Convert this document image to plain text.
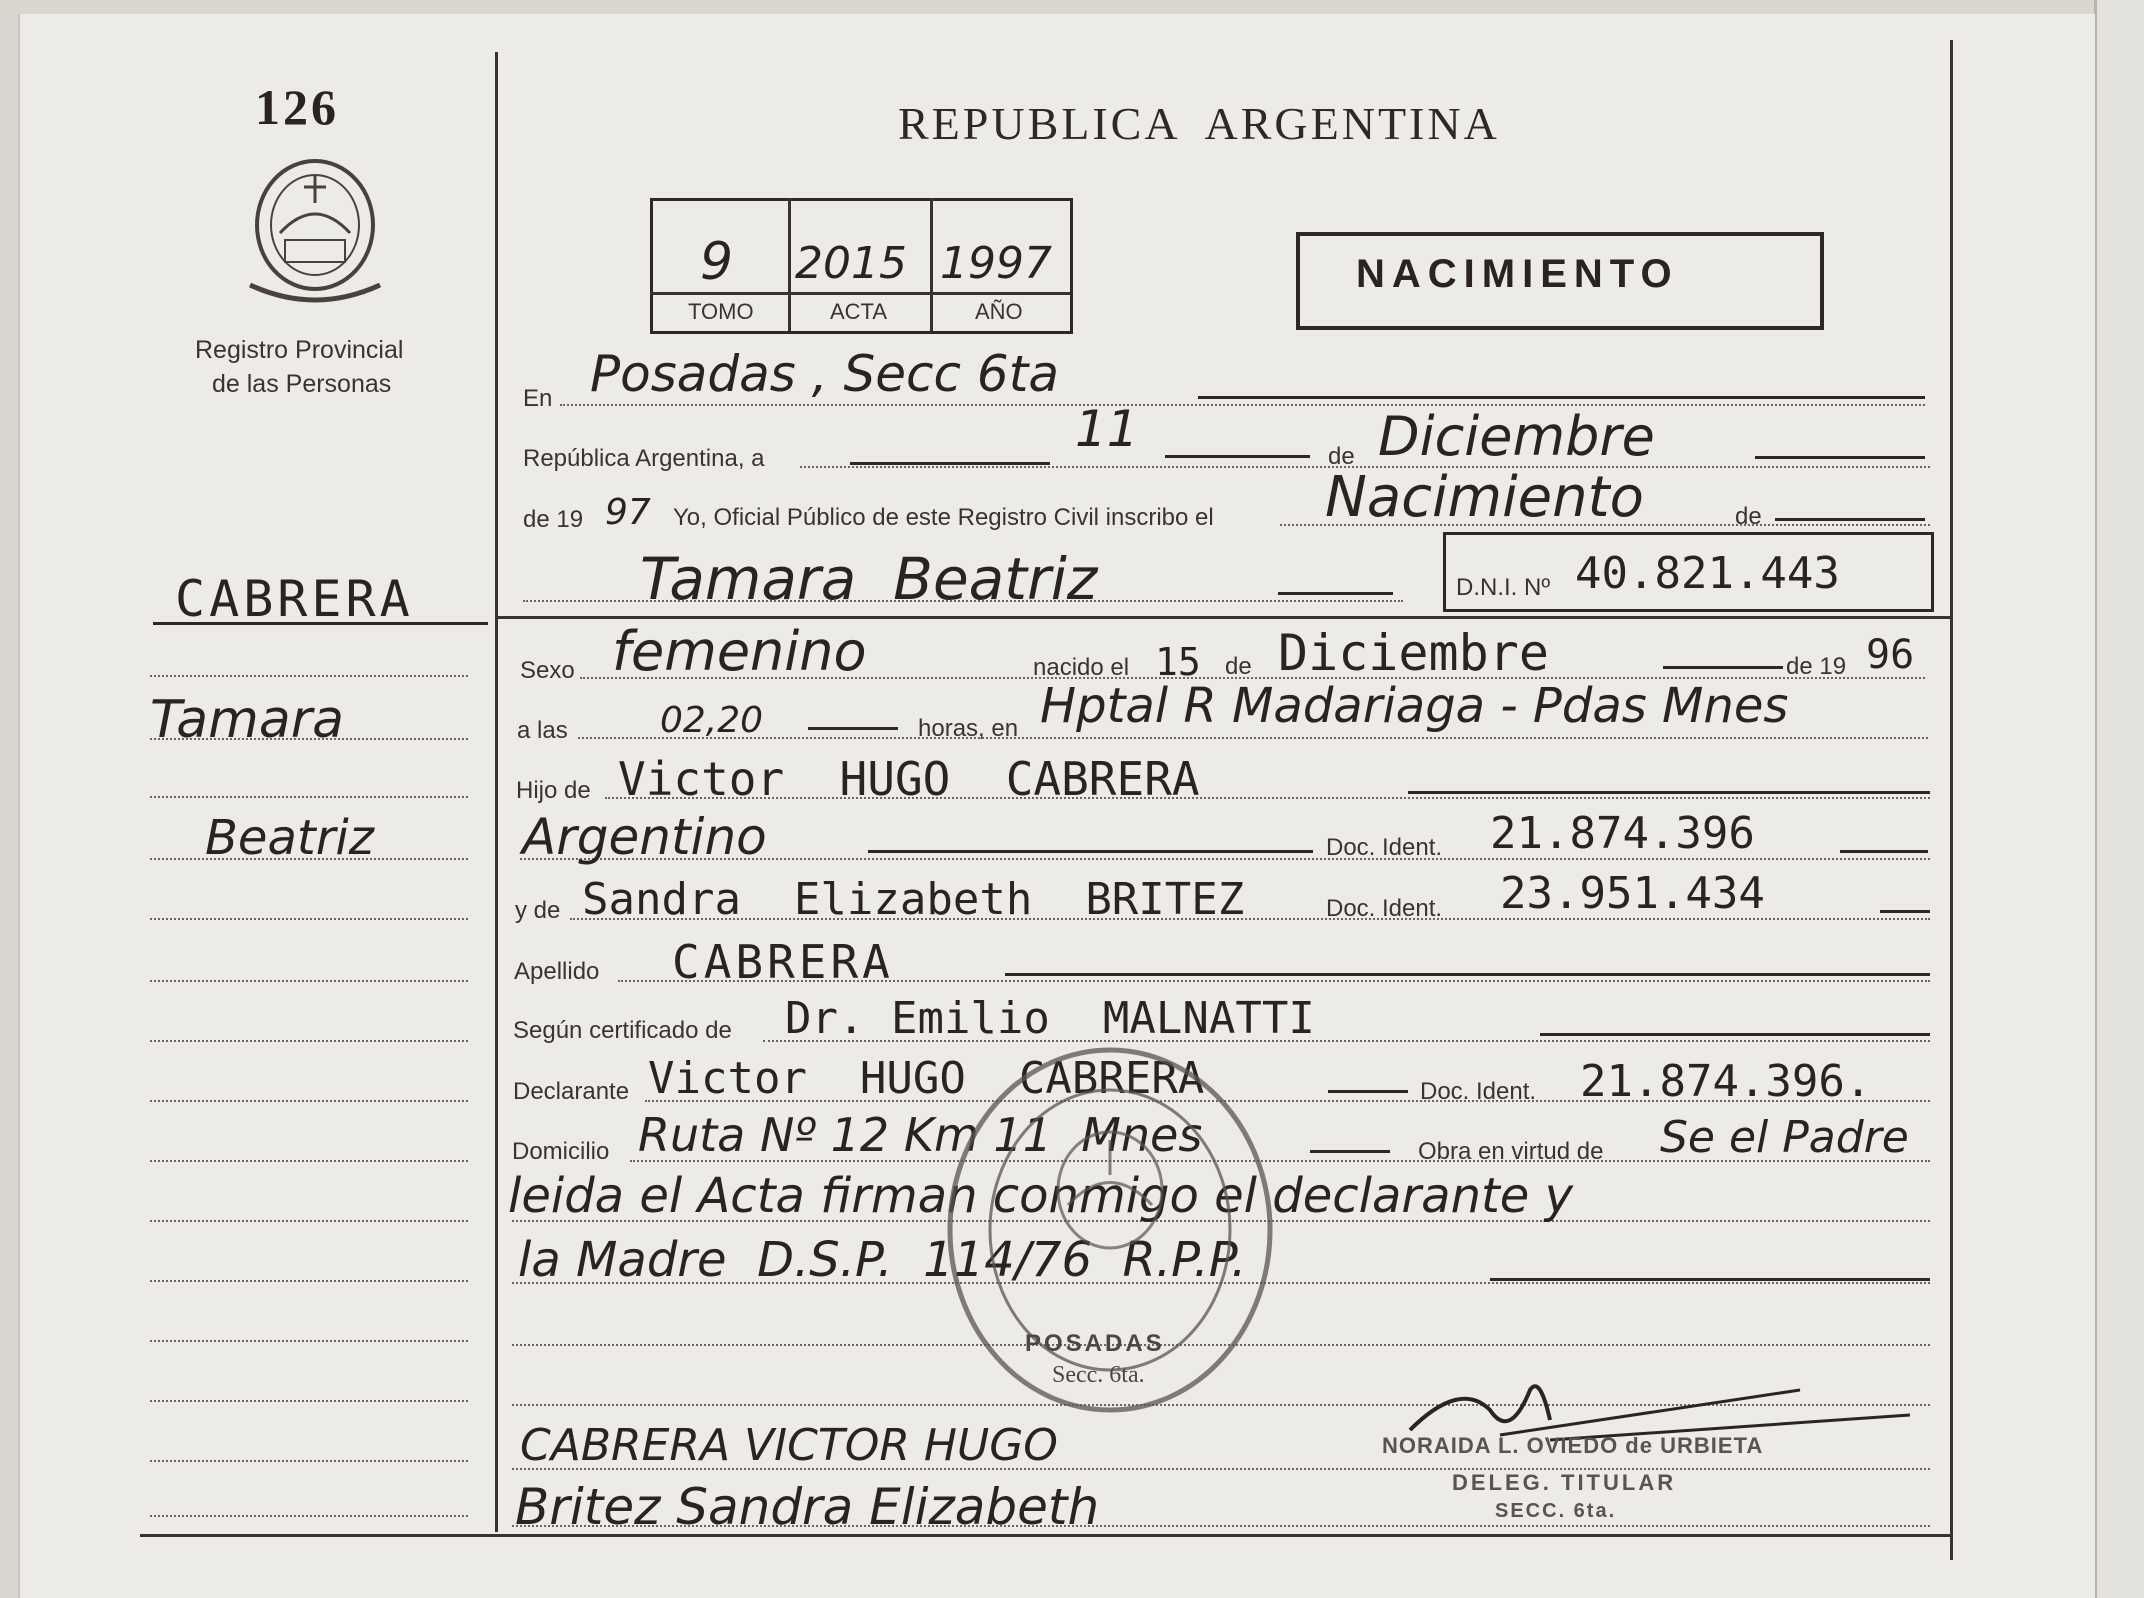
126
Registro Provincial
de las Personas
CABRERA
Tamara
Beatriz
REPUBLICA  ARGENTINA
9 2015 1997
TOMO	ACTA	AÑO
NACIMIENTO
En Posadas , Secc 6ta
República Argentina, a
11	de Diciembre
de 19 97 Yo, Oficial Público de este Registro Civil inscribo el Nacimiento	de
Tamara  Beatriz	D.N.I. Nº 40.821.443
Sexo femenino	nacido el 15 de Diciembre	de 19 96
a las	02,20	horas, en Hptal R Madariaga - Pdas Mnes
Hijo de Victor  HUGO  CABRERA
Argentino	Doc. Ident. 21.874.396
y de Sandra  Elizabeth  BRITEZ	Doc. Ident. 23.951.434
Apellido CABRERA
Según certificado de Dr. Emilio  MALNATTI
Declarante Victor  HUGO  CABRERA	Doc. Ident. 21.874.396.
Domicilio Ruta Nº 12 Km 11  Mnes	Obra en virtud de Se el Padre
leida el Acta firman conmigo el declarante y
la Madre  D.S.P.  114/76  R.P.P.
POSADAS
Secc. 6ta.
CABRERA VICTOR HUGO
Britez Sandra Elizabeth
NORAIDA L. OVIEDO de URBIETA
DELEG. TITULAR
SECC. 6ta.
